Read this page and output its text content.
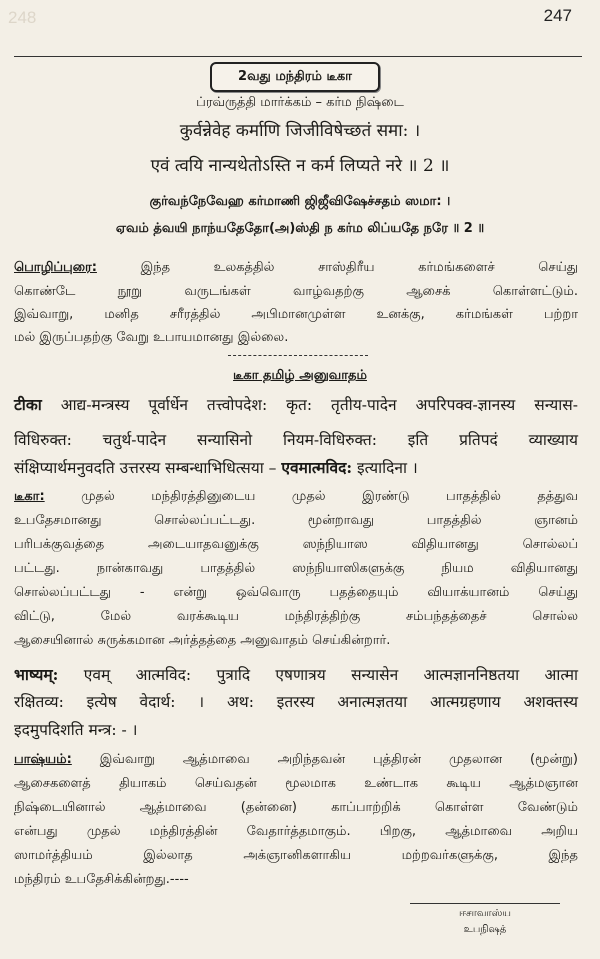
248
	247
2வது மந்திரம் டீகா
ப்ரவ்ருத்தி மார்க்கம் – கர்ம நிஷ்டை
कुर्वन्नेवेह कर्माणि जिजीविषेच्छतं समा: ।
एवं त्वयि नान्यथेतोऽस्ति न कर्म लिप्यते नरे ॥ 2 ॥
குர்வந்நேவேஹ கர்மாணி ஜிஜீவிஷேச்சதம் ஸமா: ।
ஏவம் த்வயி நாந்யதேதோ(அ)ஸ்தி ந கர்ம லிப்யதே நரே ॥ 2 ॥
பொழிப்புரை:	இந்த உலகத்தில் சாஸ்திரீய கர்மங்களைச் செய்து
கொண்டே நூறு வருடங்கள் வாழ்வதற்கு ஆசைக் கொள்ளட்டும்.
இவ்வாறு, மனித சரீரத்தில் அபிமானமுள்ள உனக்கு, கர்மங்கள் பற்றா
மல் இருப்பதற்கு வேறு உபாயமானது இல்லை.
டீகா தமிழ் அனுவாதம்
टीका आद्य-मन्त्रस्य पूर्वार्धेन तत्त्वोपदेश: कृत: तृतीय-पादेन अपरिपक्व-ज्ञानस्य सन्यास-
विधिरुक्त: चतुर्थ-पादेन सन्यासिनो नियम-विधिरुक्त: इति प्रतिपदं व्याख्याय
संक्षिप्यार्थमनुवदति उत्तरस्य सम्बन्धाभिधित्सया – एवमात्मविद: इत्यादिना ।
டீகா:	முதல் மந்திரத்தினுடைய முதல் இரண்டு பாதத்தில் தத்துவ
உபதேசமானது சொல்லப்பட்டது. மூன்றாவது பாதத்தில் ஞானம்
பரிபக்குவத்தை அடையாதவனுக்கு ஸந்நியாஸ விதியானது சொல்லப்
பட்டது. நான்காவது பாதத்தில் ஸந்நியாஸிகளுக்கு நியம விதியானது
சொல்லப்பட்டது - என்று ஒவ்வொரு பதத்தையும் வியாக்யானம் செய்து
விட்டு, மேல் வரக்கூடிய மந்திரத்திற்கு சம்பந்தத்தைச் சொல்ல
ஆசையினால் சுருக்கமான அர்த்தத்தை அனுவாதம் செய்கின்றார்.
भाष्यम्: एवम् आत्मविद: पुत्रादि एषणात्रय सन्यासेन आत्मज्ञाननिष्ठतया आत्मा
रक्षितव्य: इत्येष वेदार्थ: । अथ: इतरस्य अनात्मज्ञतया आत्मग्रहणाय अशक्तस्य
इदमुपदिशति मन्त्र: - ।
பாஷ்யம்: இவ்வாறு ஆத்மாவை அறிந்தவன் புத்திரன் முதலான (மூன்று)
ஆசைகளைத் தியாகம் செய்வதன் மூலமாக உண்டாக கூடிய ஆத்மஞான
நிஷ்டையினால் ஆத்மாவை (தன்னை) காப்பாற்றிக் கொள்ள வேண்டும்
என்பது முதல் மந்திரத்தின் வேதார்த்தமாகும். பிறகு, ஆத்மாவை அறிய
ஸாமர்த்தியம் இல்லாத அக்ஞானிகளாகிய மற்றவர்களுக்கு, இந்த
மந்திரம் உபதேசிக்கின்றது.----
ஈசாவாஸ்ய
உபநிஷத்
